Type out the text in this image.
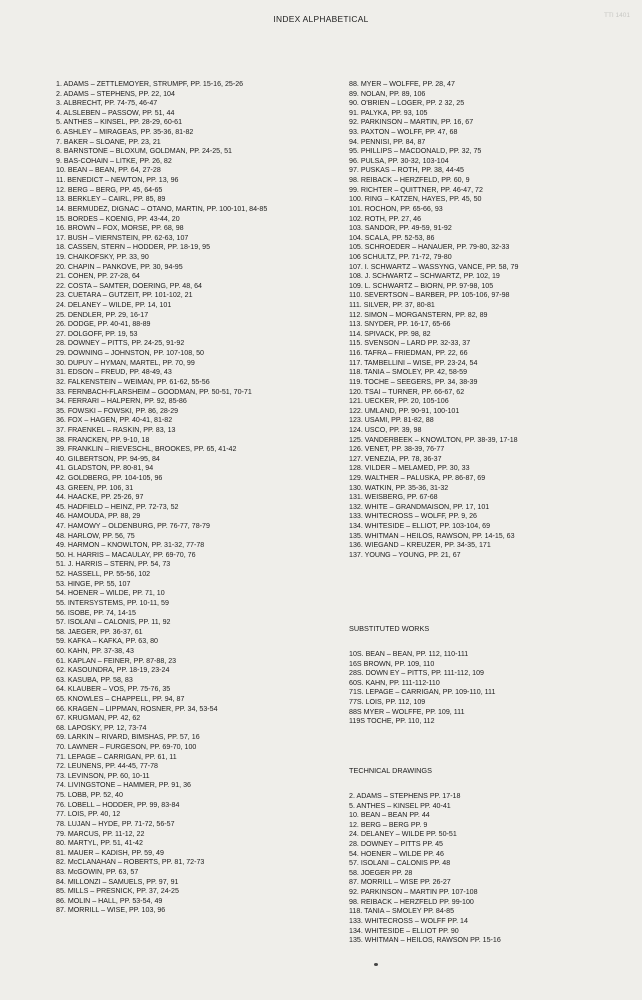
INDEX ALPHABETICAL	TTI 1401
1. ADAMS – ZETTLEMOYER, STRUMPF, PP. 15-16, 25-26
2. ADAMS – STEPHENS, PP. 22, 104
3. ALBRECHT, PP. 74-75, 46-47
4. ALSLEBEN – PASSOW, PP. 51, 44
5. ANTHES – KINSEL, PP. 28-29, 60-61
6. ASHLEY – MIRAGEAS, PP. 35-36, 81-82
7. BAKER – SLOANE, PP. 23, 21
8. BARNSTONE – BLOXUM, GOLDMAN, PP. 24-25, 51
9. BAS-COHAIN – LITKE, PP. 26, 82
10. BEAN – BEAN, PP. 64, 27-28
11. BENEDICT – NEWTON, PP. 13, 96
12. BERG – BERG, PP. 45, 64-65
13. BERKLEY – CAIRL, PP. 85, 89
14. BERMUDEZ, DIGNAC – OTANO, MARTIN, PP. 100-101, 84-85
15. BORDES – KOENIG, PP. 43-44, 20
16. BROWN – FOX, MORSE, PP. 68, 98
17. BUSH – VIERNSTEIN, PP. 62-63, 107
18. CASSEN, STERN – HODDER, PP. 18-19, 95
19. CHAIKOFSKY, PP. 33, 90
20. CHAPIN – PANKOVE, PP. 30, 94-95
21. COHEN, PP. 27-28, 64
22. COSTA – SAMTER, DOERING, PP. 48, 64
23. CUETARA – GUTZEIT, PP. 101-102, 21
24. DELANEY – WILDE, PP. 14, 101
25. DENDLER, PP. 29, 16-17
26. DODGE, PP. 40-41, 88-89
27. DOLGOFF, PP. 19, 53
28. DOWNEY – PITTS, PP. 24-25, 91-92
29. DOWNING – JOHNSTON, PP. 107-108, 50
30. DUPUY – HYMAN, MARTEL, PP. 70, 99
31. EDSON – FREUD, PP. 48-49, 43
32. FALKENSTEIN – WEIMAN, PP. 61-62, 55-56
33. FERNBACH-FLARSHEIM – GOODMAN, PP. 50-51, 70-71
34. FERRARI – HALPERN, PP. 92, 85-86
35. FOWSKI – FOWSKI, PP. 86, 28-29
36. FOX – HAGEN, PP. 40-41, 81-82
37. FRAENKEL – RASKIN, PP. 83, 13
38. FRANCKEN, PP. 9-10, 18
39. FRANKLIN – RIEVESCHL, BROOKES, PP. 65, 41-42
40. GILBERTSON, PP. 94-95, 84
41. GLADSTON, PP. 80-81, 94
42. GOLDBERG, PP. 104-105, 96
43. GREEN, PP. 106, 31
44. HAACKE, PP. 25-26, 97
45. HADFIELD – HEINZ, PP. 72-73, 52
46. HAMOUDA, PP. 88, 29
47. HAMOWY – OLDENBURG, PP. 76-77, 78-79
48. HARLOW, PP. 56, 75
49. HARMON – KNOWLTON, PP. 31-32, 77-78
50. H. HARRIS – MACAULAY, PP. 69-70, 76
51. J. HARRIS – STERN, PP. 54, 73
52. HASSELL, PP. 55-56, 102
53. HINGE, PP. 55, 107
54. HOENER – WILDE, PP. 71, 10
55. INTERSYSTEMS, PP. 10-11, 59
56. ISOBE, PP. 74, 14-15
57. ISOLANI – CALONIS, PP. 11, 92
58. JAEGER, PP. 36-37, 61
59. KAFKA – KAFKA, PP. 63, 80
60. KAHN, PP. 37-38, 43
61. KAPLAN – FEINER, PP. 87-88, 23
62. KASOUNDRA, PP. 18-19, 23-24
63. KASUBA, PP. 58, 83
64. KLAUBER – VOS, PP. 75-76, 35
65. KNOWLES – CHAPPELL, PP. 94, 87
66. KRAGEN – LIPPMAN, ROSNER, PP. 34, 53-54
67. KRUGMAN, PP. 42, 62
68. LAPOSKY, PP. 12, 73-74
69. LARKIN – RIVARD, BIMSHAS, PP. 57, 16
70. LAWNER – FURGESON, PP. 69-70, 100
71. LEPAGE – CARRIGAN, PP. 61, 11
72. LEUNENS, PP. 44-45, 77-78
73. LEVINSON, PP. 60, 10-11
74. LIVINGSTONE – HAMMER, PP. 91, 36
75. LOBB, PP. 52, 40
76. LOBELL – HODDER, PP. 99, 83-84
77. LOIS, PP. 40, 12
78. LUJAN – HYDE, PP. 71-72, 56-57
79. MARCUS, PP. 11-12, 22
80. MARTYL, PP. 51, 41-42
81. MAUER – KADISH, PP. 59, 49
82. McCLANAHAN – ROBERTS, PP. 81, 72-73
83. McGOWIN, PP. 63, 57
84. MILLONZI – SAMUELS, PP. 97, 91
85. MILLS – PRESNICK, PP. 37, 24-25
86. MOLIN – HALL, PP. 53-54, 49
87. MORRILL – WISE, PP. 103, 96
88. MYER – WOLFFE, PP. 28, 47
89. NOLAN, PP. 89, 106
90. O'BRIEN – LOGER, PP. 2 32, 25
91. PALYKA, PP. 93, 105
92. PARKINSON – MARTIN, PP. 16, 67
93. PAXTON – WOLFF, PP. 47, 68
94. PENNISI, PP. 84, 87
95. PHILLIPS – MACDONALD, PP. 32, 75
96. PULSA, PP. 30-32, 103-104
97. PUSKAS – ROTH, PP. 38, 44-45
98. REIBACK – HERZFELD, PP. 60, 9
99. RICHTER – QUITTNER, PP. 46-47, 72
100. RING – KATZEN, HAYES, PP. 45, 50
101. ROCHON, PP. 65-66, 93
102. ROTH, PP. 27, 46
103. SANDOR, PP. 49-59, 91-92
104. SCALA, PP. 52-53, 86
105. SCHROEDER – HANAUER, PP. 79-80, 32-33
106 SCHULTZ, PP. 71-72, 79-80
107. I. SCHWARTZ – WASSYNG, VANCE, PP. 58, 79
108. J. SCHWARTZ – SCHWARTZ, PP. 102, 19
109. L. SCHWARTZ – BIORN, PP. 97-98, 105
110. SEVERTSON – BARBER, PP. 105-106, 97-98
111. SILVER, PP. 37, 80-81
112. SIMON – MORGANSTERN, PP. 82, 89
113. SNYDER, PP. 16-17, 65-66
114. SPIVACK, PP. 98, 82
115. SVENSON – LARD PP. 32-33, 37
116. TAFRA – FRIEDMAN, PP. 22, 66
117. TAMBELLINI – WISE, PP. 23-24, 54
118. TANIA – SMOLEY, PP. 42, 58-59
119. TOCHE – SEEGERS, PP. 34, 38-39
120. TSAI – TURNER, PP. 66-67, 62
121. UECKER, PP. 20, 105-106
122. UMLAND, PP. 90-91, 100-101
123. USAMI, PP. 81-82, 88
124. USCO, PP. 39, 98
125. VANDERBEEK – KNOWLTON, PP. 38-39, 17-18
126. VENET, PP. 38-39, 76-77
127. VENEZIA, PP. 78, 36-37
128. VILDER – MELAMED, PP. 30, 33
129. WALTHER – PALUSKA, PP. 86-87, 69
130. WATKIN, PP. 35-36, 31-32
131. WEISBERG, PP. 67-68
132. WHITE – GRANDMAISON, PP. 17, 101
133. WHITECROSS – WOLFF, PP. 9, 26
134. WHITESIDE – ELLIOT, PP. 103-104, 69
135. WHITMAN – HEILOS, RAWSON, PP. 14-15, 63
136. WIEGAND – KREUZER, PP. 34-35, 171
137. YOUNG – YOUNG, PP. 21, 67
SUBSTITUTED WORKS
10S. BEAN – BEAN, PP. 112, 110-111
16S BROWN, PP. 109, 110
28S. DOWN EY – PITTS, PP. 111-112, 109
60S. KAHN, PP. 111-112-110
71S. LEPAGE – CARRIGAN, PP. 109-110, 111
77S. LOIS, PP. 112, 109
88S MYER – WOLFFE, PP. 109, 111
119S TOCHE, PP. 110, 112
TECHNICAL DRAWINGS
2. ADAMS – STEPHENS PP. 17-18
5. ANTHES – KINSEL PP. 40-41
10. BEAN – BEAN PP. 44
12. BERG – BERG PP. 9
24. DELANEY – WILDE PP. 50-51
28. DOWNEY – PITTS PP. 45
54. HOENER – WILDE PP. 46
57. ISOLANI – CALONIS PP. 48
58. JOEGER PP. 28
87. MORRILL – WISE PP. 26-27
92. PARKINSON – MARTIN PP. 107-108
98. REIBACK – HERZFELD PP. 99-100
118. TANIA – SMOLEY PP. 84-85
133. WHITECROSS – WOLFF PP. 14
134. WHITESIDE – ELLIOT PP. 90
135. WHITMAN – HEILOS, RAWSON PP. 15-16
